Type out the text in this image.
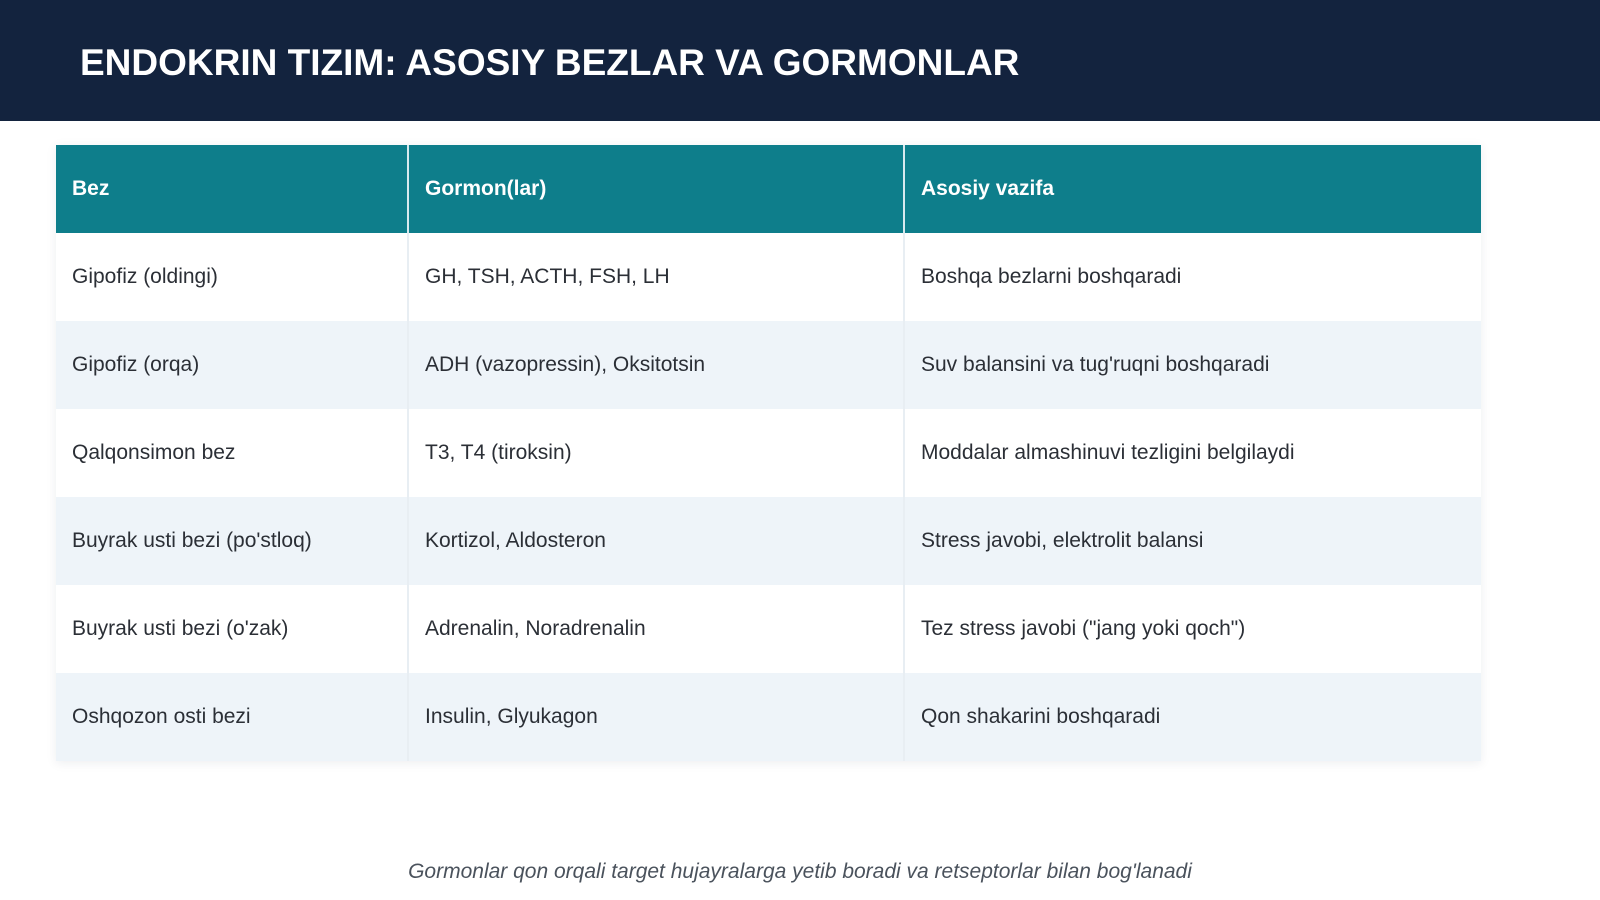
ENDOKRIN TIZIM: ASOSIY BEZLAR VA GORMONLAR
Bez	Gormon(lar)	Asosiy vazifa
Gipofiz (oldingi)	GH, TSH, ACTH, FSH, LH	Boshqa bezlarni boshqaradi
Gipofiz (orqa)	ADH (vazopressin), Oksitotsin	Suv balansini va tug'ruqni boshqaradi
Qalqonsimon bez	T3, T4 (tiroksin)	Moddalar almashinuvi tezligini belgilaydi
Buyrak usti bezi (po'stloq)	Kortizol, Aldosteron	Stress javobi, elektrolit balansi
Buyrak usti bezi (o'zak)	Adrenalin, Noradrenalin	Tez stress javobi ("jang yoki qoch")
Oshqozon osti bezi	Insulin, Glyukagon	Qon shakarini boshqaradi
Gormonlar qon orqali target hujayralarga yetib boradi va retseptorlar bilan bog'lanadi
